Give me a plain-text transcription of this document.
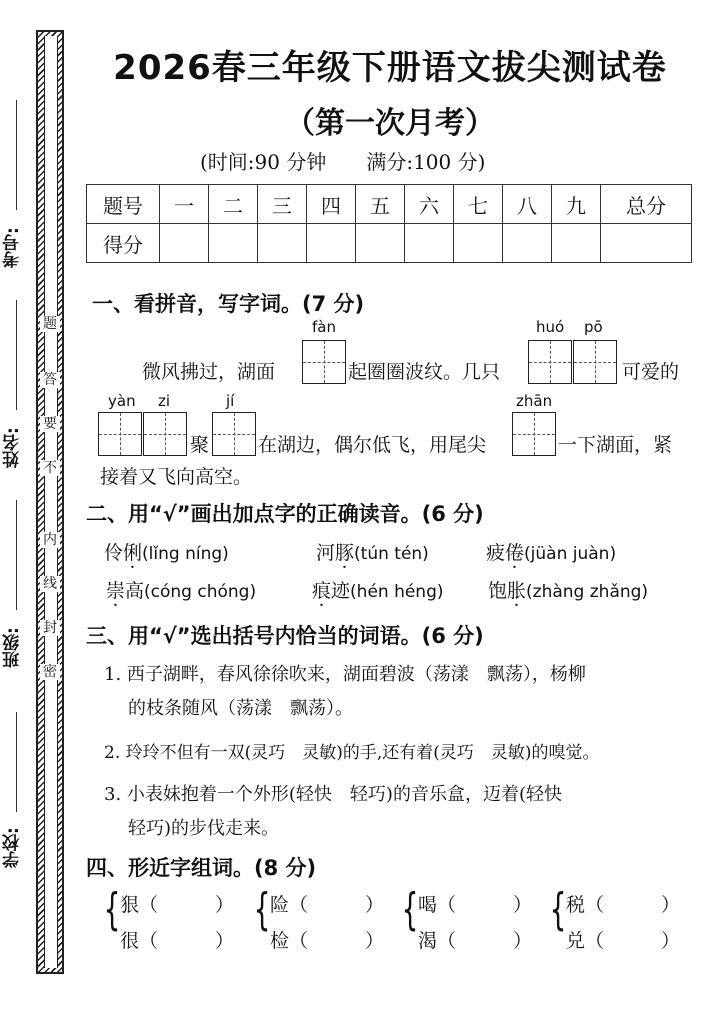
密
封
线
内
不
要
答
题
学校:
班级:
姓名:
考号:
2026春三年级下册语文拔尖测试卷
（第一次月考）
(时间:90 分钟　　满分:100 分)
题号	一	二	三	四	五	六	七	八	九	总分
得分										
一、看拼音，写字词。(7 分)
fàn	huó pō
微风拂过，湖面	起圈圈波纹。几只	可爱的
yàn zi	jí	zhān
聚	在湖边，偶尔低飞，用尾尖	一下湖面，紧
接着又飞向高空。
二、用“√”画出加点字的正确读音。(6 分)
伶俐(lǐng níng)	河豚(tún tén)	疲倦(jüàn juàn)
崇高(cóng chóng)	痕迹(hén héng) 饱胀(zhàng zhǎng)
三、用“√”选出括号内恰当的词语。(6 分)
1. 西子湖畔，春风徐徐吹来，湖面碧波（荡漾　飘荡），杨柳
的枝条随风（荡漾　飘荡）。
2. 玲玲不但有一双(灵巧　灵敏)的手,还有着(灵巧　灵敏)的嗅觉。
3. 小表妹抱着一个外形(轻快　轻巧)的音乐盒，迈着(轻快
轻巧)的步伐走来。
四、形近字组词。(8 分)
{ 狠（　　　）
很（　　　）
{ 险（　　　）
检（　　　）
{ 喝（　　　）
渴（　　　）
{ 税（　　　）
兑（　　　）
